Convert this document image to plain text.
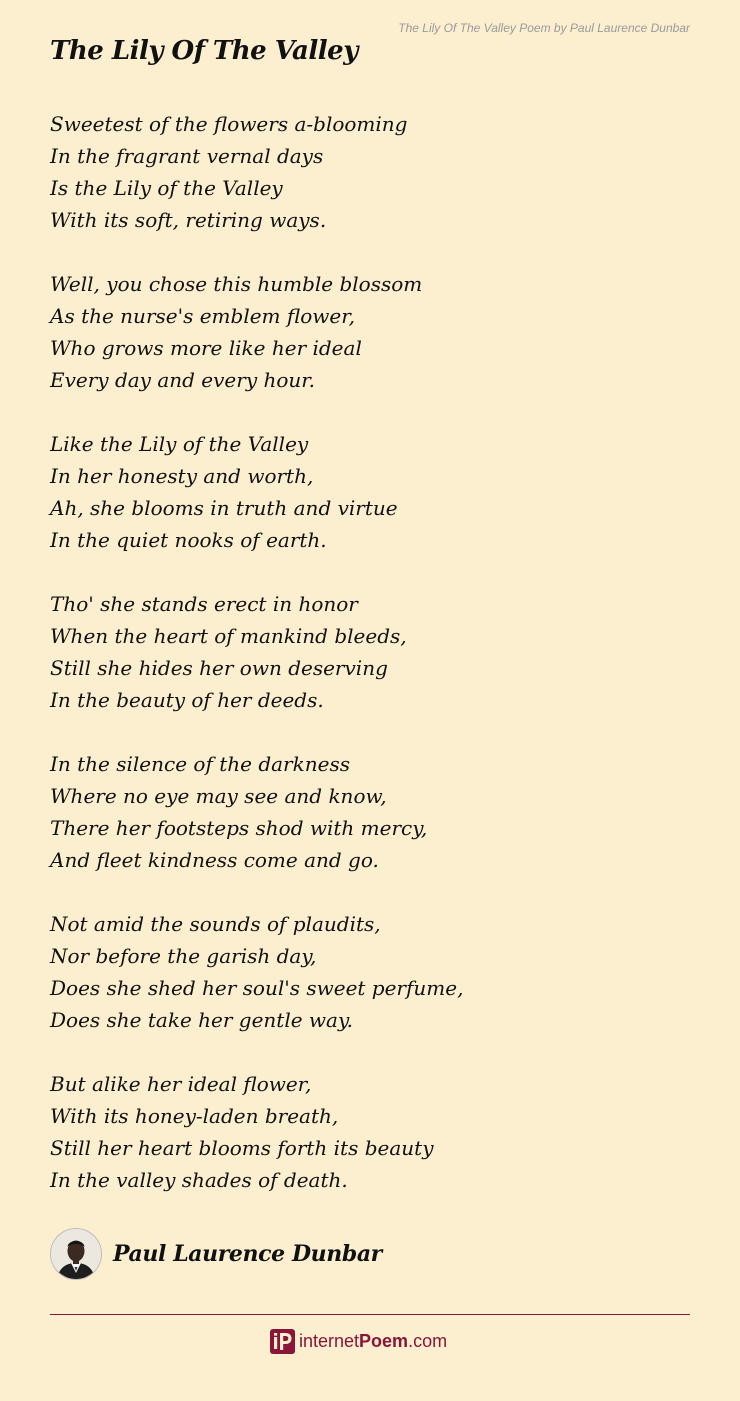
The Lily Of The Valley Poem by Paul Laurence Dunbar
The Lily Of The Valley
Sweetest of the flowers a-blooming
In the fragrant vernal days
Is the Lily of the Valley
With its soft, retiring ways.
Well, you chose this humble blossom
As the nurse's emblem flower,
Who grows more like her ideal
Every day and every hour.
Like the Lily of the Valley
In her honesty and worth,
Ah, she blooms in truth and virtue
In the quiet nooks of earth.
Tho' she stands erect in honor
When the heart of mankind bleeds,
Still she hides her own deserving
In the beauty of her deeds.
In the silence of the darkness
Where no eye may see and know,
There her footsteps shod with mercy,
And fleet kindness come and go.
Not amid the sounds of plaudits,
Nor before the garish day,
Does she shed her soul's sweet perfume,
Does she take her gentle way.
But alike her ideal flower,
With its honey-laden breath,
Still her heart blooms forth its beauty
In the valley shades of death.
Paul Laurence Dunbar
internetPoem.com
